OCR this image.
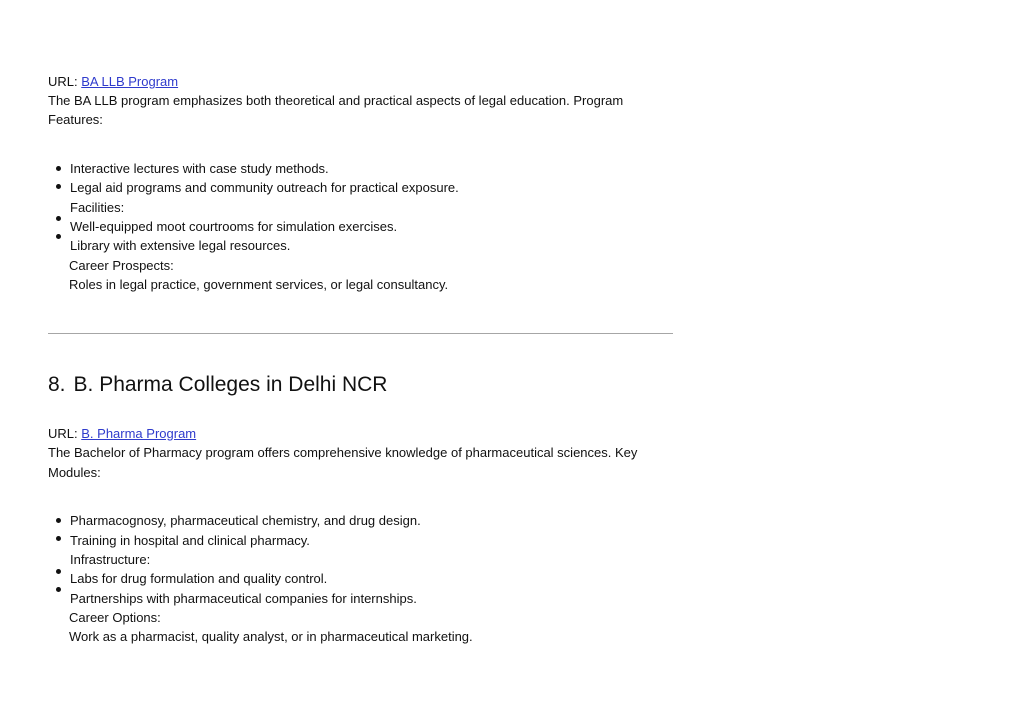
URL: BA LLB Program

The BA LLB program emphasizes both theoretical and practical aspects of legal education. Program

Features:

Interactive lectures with case study methods.

Legal aid programs and community outreach for practical exposure.

Facilities:

Well-equipped moot courtrooms for simulation exercises.

Library with extensive legal resources.

Career Prospects:

Roles in legal practice, government services, or legal consultancy.

8. B. Pharma Colleges in Delhi NCR

URL: B. Pharma Program

The Bachelor of Pharmacy program offers comprehensive knowledge of pharmaceutical sciences. Key

Modules:

Pharmacognosy, pharmaceutical chemistry, and drug design.

Training in hospital and clinical pharmacy.

Infrastructure:

Labs for drug formulation and quality control.

Partnerships with pharmaceutical companies for internships.

Career Options:

Work as a pharmacist, quality analyst, or in pharmaceutical marketing.
